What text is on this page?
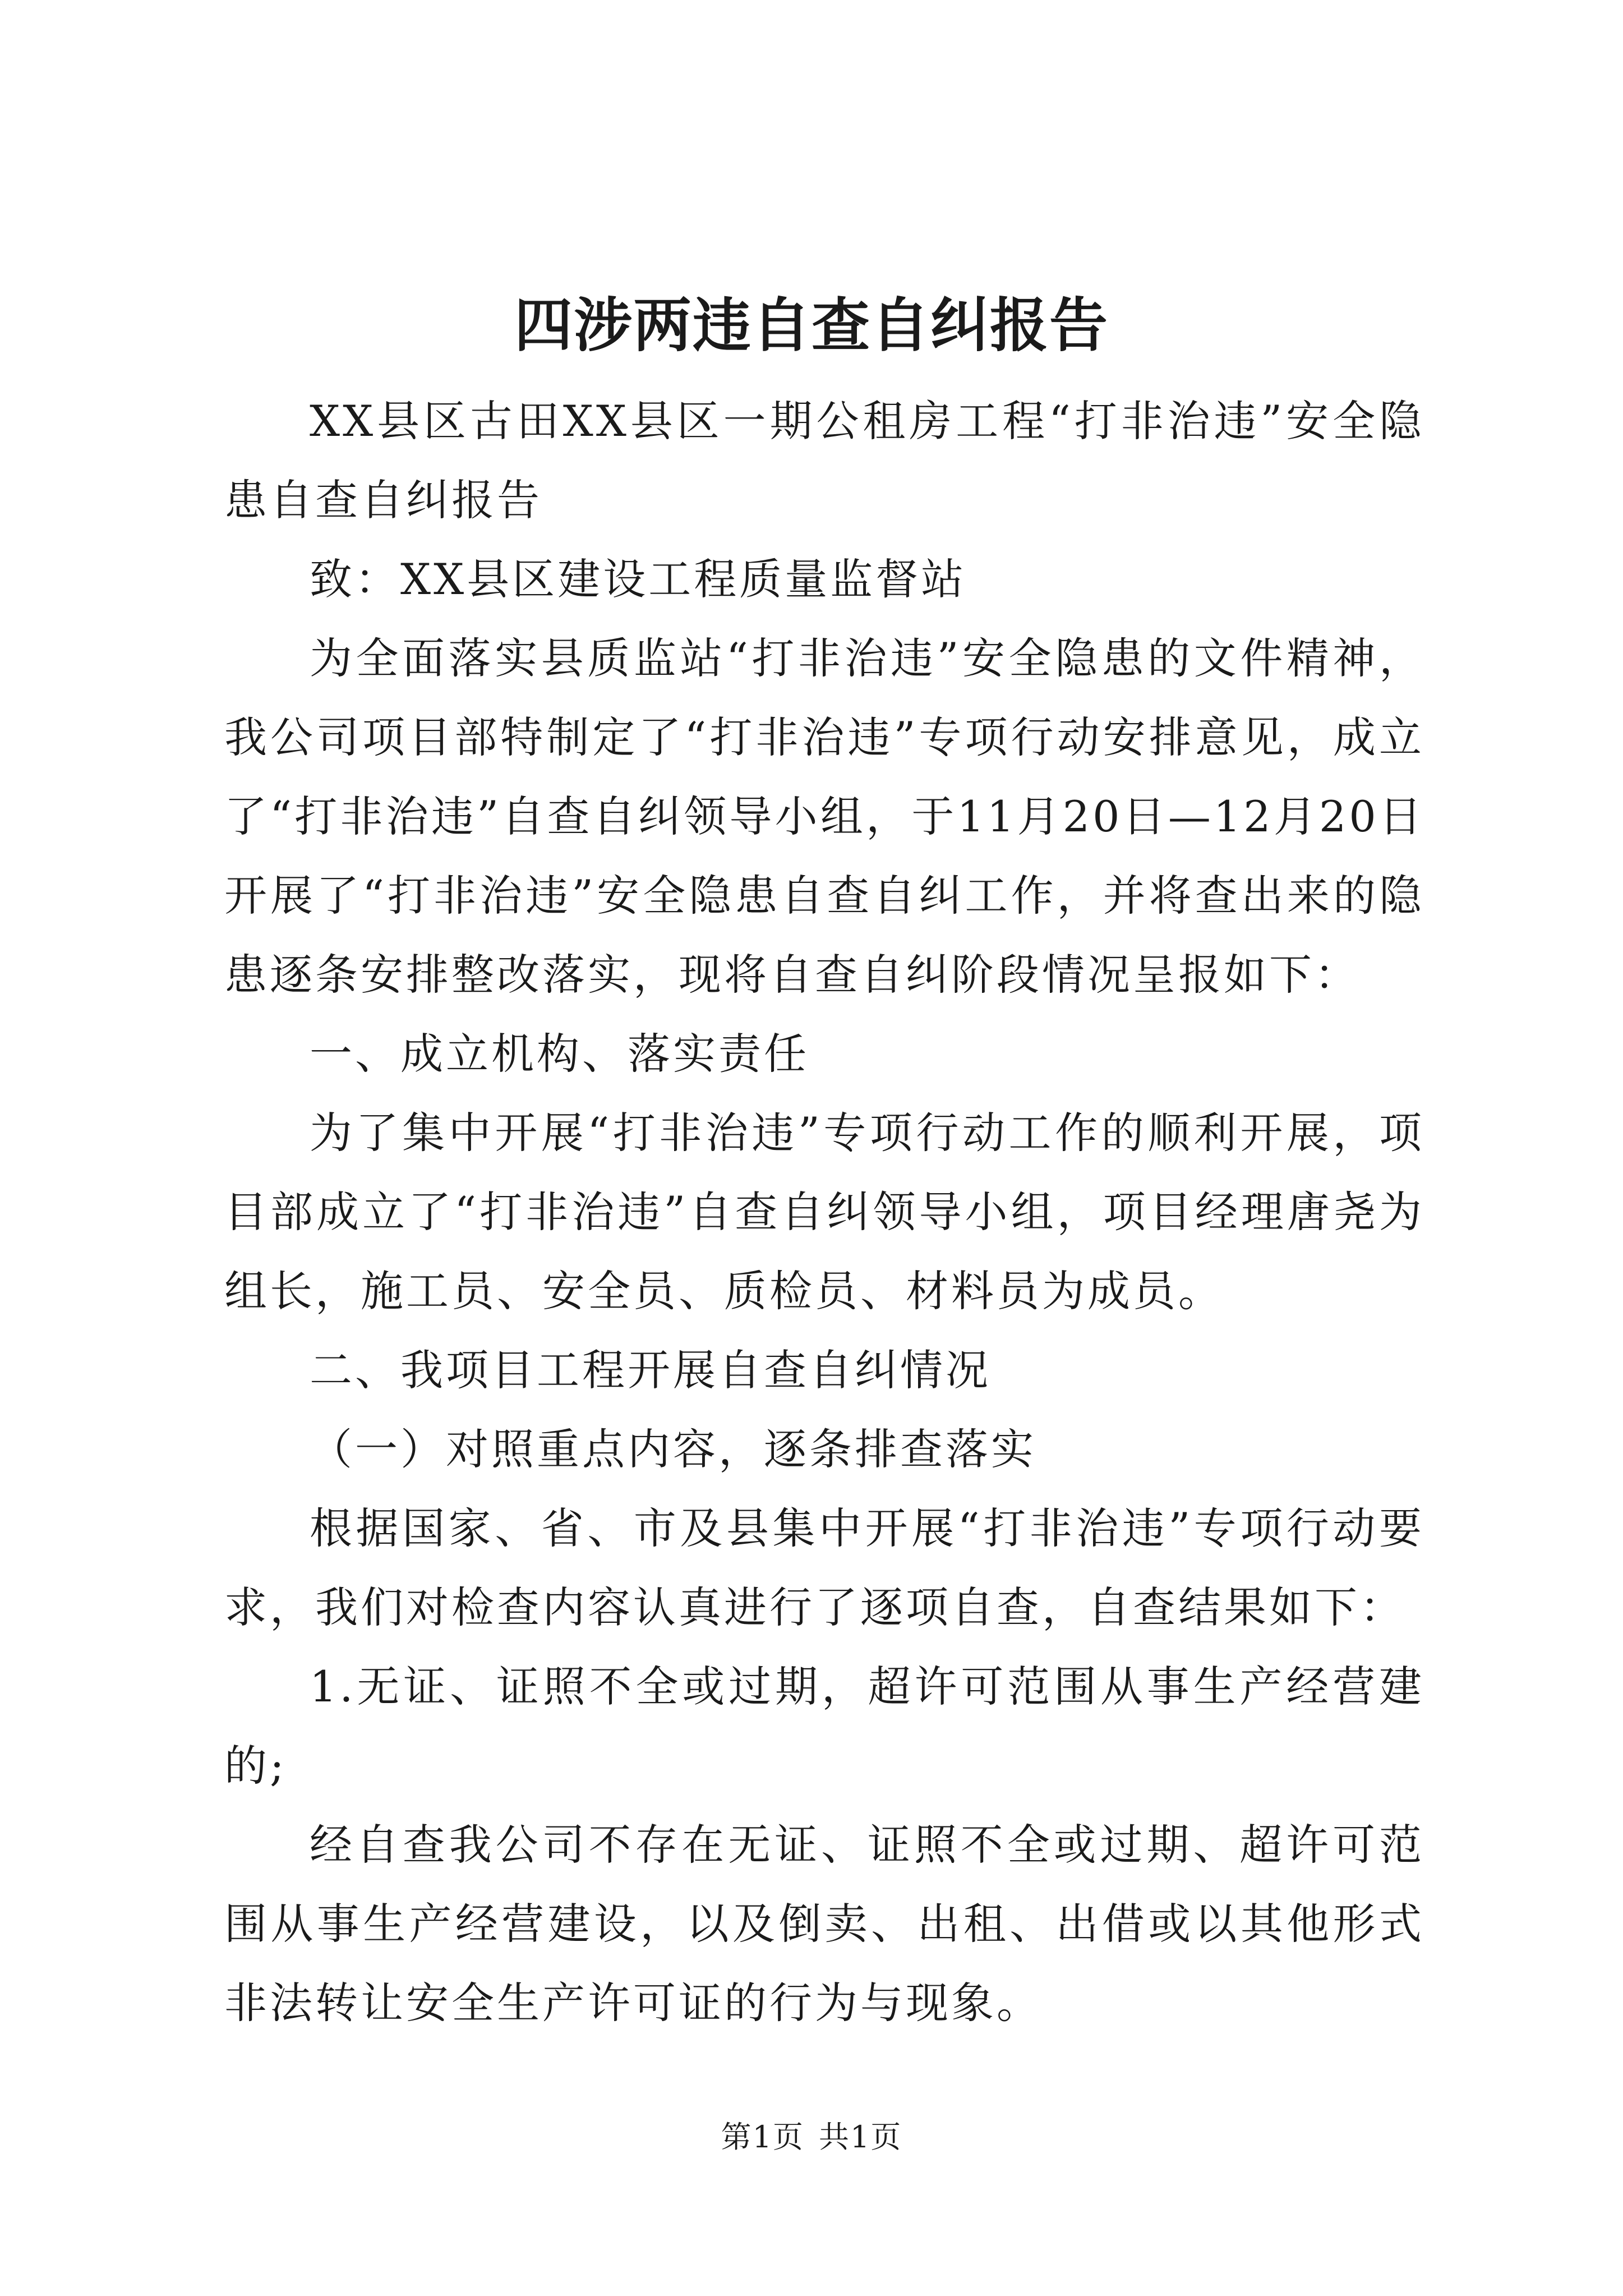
四涉两违自查自纠报告

XX县区古田XX县区一期公租房工程“打非治违”安全隐患自查自纠报告

致：XX县区建设工程质量监督站

为全面落实县质监站“打非治违”安全隐患的文件精神，我公司项目部特制定了“打非治违”专项行动安排意见，成立了“打非治违”自查自纠领导小组，于11月20日—12月20日开展了“打非治违”安全隐患自查自纠工作，并将查出来的隐患逐条安排整改落实，现将自查自纠阶段情况呈报如下：

一、成立机构、落实责任

为了集中开展“打非治违”专项行动工作的顺利开展，项目部成立了“打非治违”自查自纠领导小组，项目经理唐尧为组长，施工员、安全员、质检员、材料员为成员。

二、我项目工程开展自查自纠情况

（一）对照重点内容，逐条排查落实

根据国家、省、市及县集中开展“打非治违”专项行动要求，我们对检查内容认真进行了逐项自查，自查结果如下：

1.无证、证照不全或过期，超许可范围从事生产经营建的;

经自查我公司不存在无证、证照不全或过期、超许可范围从事生产经营建设，以及倒卖、出租、出借或以其他形式非法转让安全生产许可证的行为与现象。

第1页 共1页
